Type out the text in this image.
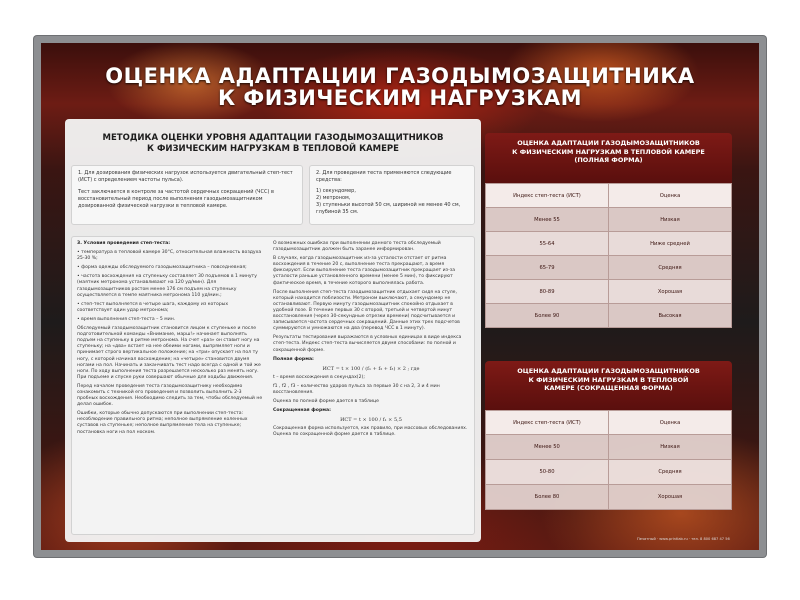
ОЦЕНКА АДАПТАЦИИ ГАЗОДЫМОЗАЩИТНИКА
К ФИЗИЧЕСКИМ НАГРУЗКАМ
МЕТОДИКА ОЦЕНКИ УРОВНЯ АДАПТАЦИИ ГАЗОДЫМОЗАЩИТНИКОВ
К ФИЗИЧЕСКИМ НАГРУЗКАМ В ТЕПЛОВОЙ КАМЕРЕ
1. Для дозирования физических нагрузок используется двигательный степ-тест (ИСТ) с определением частоты пульса).
Тест заключается в контроле за частотой сердечных сокращений (ЧСС) в восстановительный период после выполнения газодымозащитником дозированной физической нагрузки в тепловой камере.
2. Для проведения теста применяются следующие средства:
1) секундомер,
2) метроном,
3) ступеньки высотой 50 см, шириной не менее 40 см, глубиной 35 см.

3. Условия проведения степ-теста:

• температура в тепловой камере 30°С, относительная влажность воздуха 25-30 %;

• форма одежды обследуемого газодымозащитника – повседневная;

• частота восхождения на ступеньку составляет 30 подъемов в 1 минуту (маятник метронома устанавливают на 120 уд/мин). Для газодымозащитников ростом менее 176 см подъем на ступеньку осуществляется в темпе маятника метронома 110 уд/мин.;

• степ-тест выполняется в четыре шага, каждому из которых соответствует один удар метронома;

• время выполнения степ-теста – 5 мин.

Обследуемый газодымозащитник становится лицом к ступеньке и после подготовительной команды «Внимание, марш!» начинает выполнять подъем на ступеньку в ритме метронома. На счет «раз» он ставит ногу на ступеньку; на «два» встает на нее обеими ногами, выпрямляет ноги и принимает строго вертикальное положение; на «три» опускает на пол ту ногу, с которой начинал восхождение; на «четыре» становится двумя ногами на пол. Начинать и заканчивать тест надо всегда с одной и той же ноги. По ходу выполнения теста разрешается несколько раз менять ногу. При подъеме и спуске руки совершают обычные для ходьбы движения.

Перед началом проведения теста газодымозащитнику необходимо ознакомить с техникой его проведения и позволить выполнить 2-3 пробных восхождения. Необходимо следить за тем, чтобы обследуемый не делал ошибок.

Ошибки, которые обычно допускаются при выполнении степ-теста: несоблюдение правильного ритма; неполное выпрямление коленных суставов на ступеньке; неполное выпрямление тела на ступеньке; постановка ноги на пол носком.

О возможных ошибках при выполнении данного теста обследуемый газодымозащитник должен быть заранее информирован.

В случаях, когда газодымозащитник из-за усталости отстает от ритма восхождения в течение 20 с, выполнение теста прекращают, а время фиксируют. Если выполнение теста газодымозащитник прекращает из-за усталости раньше установленного времени (менее 5 мин), то фиксируют фактическое время, в течение которого выполнялась работа.

После выполнения степ-теста газодымозащитник отдыхает сидя на стуле, который находится поблизости. Метроном выключают, а секундомер не останавливают. Первую минуту газодымозащитник спокойно отдыхает в удобной позе. В течение первых 30 с второй, третьей и четвертой минут восстановления (через 30-секундные отрезки времени) подсчитывается и записывается частота сердечных сокращений. Данные этих трех подсчетов суммируются и умножаются на два (перевод ЧСС в 1 минуту).

Результаты тестирования выражаются в условных единицах в виде индекса степ-теста. Индекс степ-теста вычисляется двумя способами: по полной и сокращенной форме.

Полная форма:

ИСТ = t × 100 / (f₁ + f₂ + f₃) × 2 ; где

t – время восхождения в секундах(2);

f1 , f2 , f3 – количество ударов пульса за первые 30 с на 2, 3 и 4 мин восстановления.

Оценка по полной форме дается в таблице

Сокращенная форма:

ИСТ = t × 100 / f₁ × 5,5

Сокращенная форма используется, как правило, при массовых обследованиях. Оценка по сокращенной форме дается в таблице.

ОЦЕНКА АДАПТАЦИИ ГАЗОДЫМОЗАЩИТНИКОВ
К ФИЗИЧЕСКИМ НАГРУЗКАМ В ТЕПЛОВОЙ КАМЕРЕ
(ПОЛНАЯ ФОРМА)
Индекс степ-теста (ИСТ)	Оценка
Менее 55	Низкая
55-64	Ниже средней
65-79	Средняя
80-89	Хорошая
Более 90	Высокая
ОЦЕНКА АДАПТАЦИИ ГАЗОДЫМОЗАЩИТНИКОВ
К ФИЗИЧЕСКИМ НАГРУЗКАМ В ТЕПЛОВОЙ
КАМЕРЕ (СОКРАЩЕННАЯ ФОРМА)
Индекс степ-теста (ИСТ)	Оценка
Менее 50	Низкая
50-80	Средняя
Более 80	Хорошая
Печатный · www.printlab.ru · тел. 8 800 687 47 56
